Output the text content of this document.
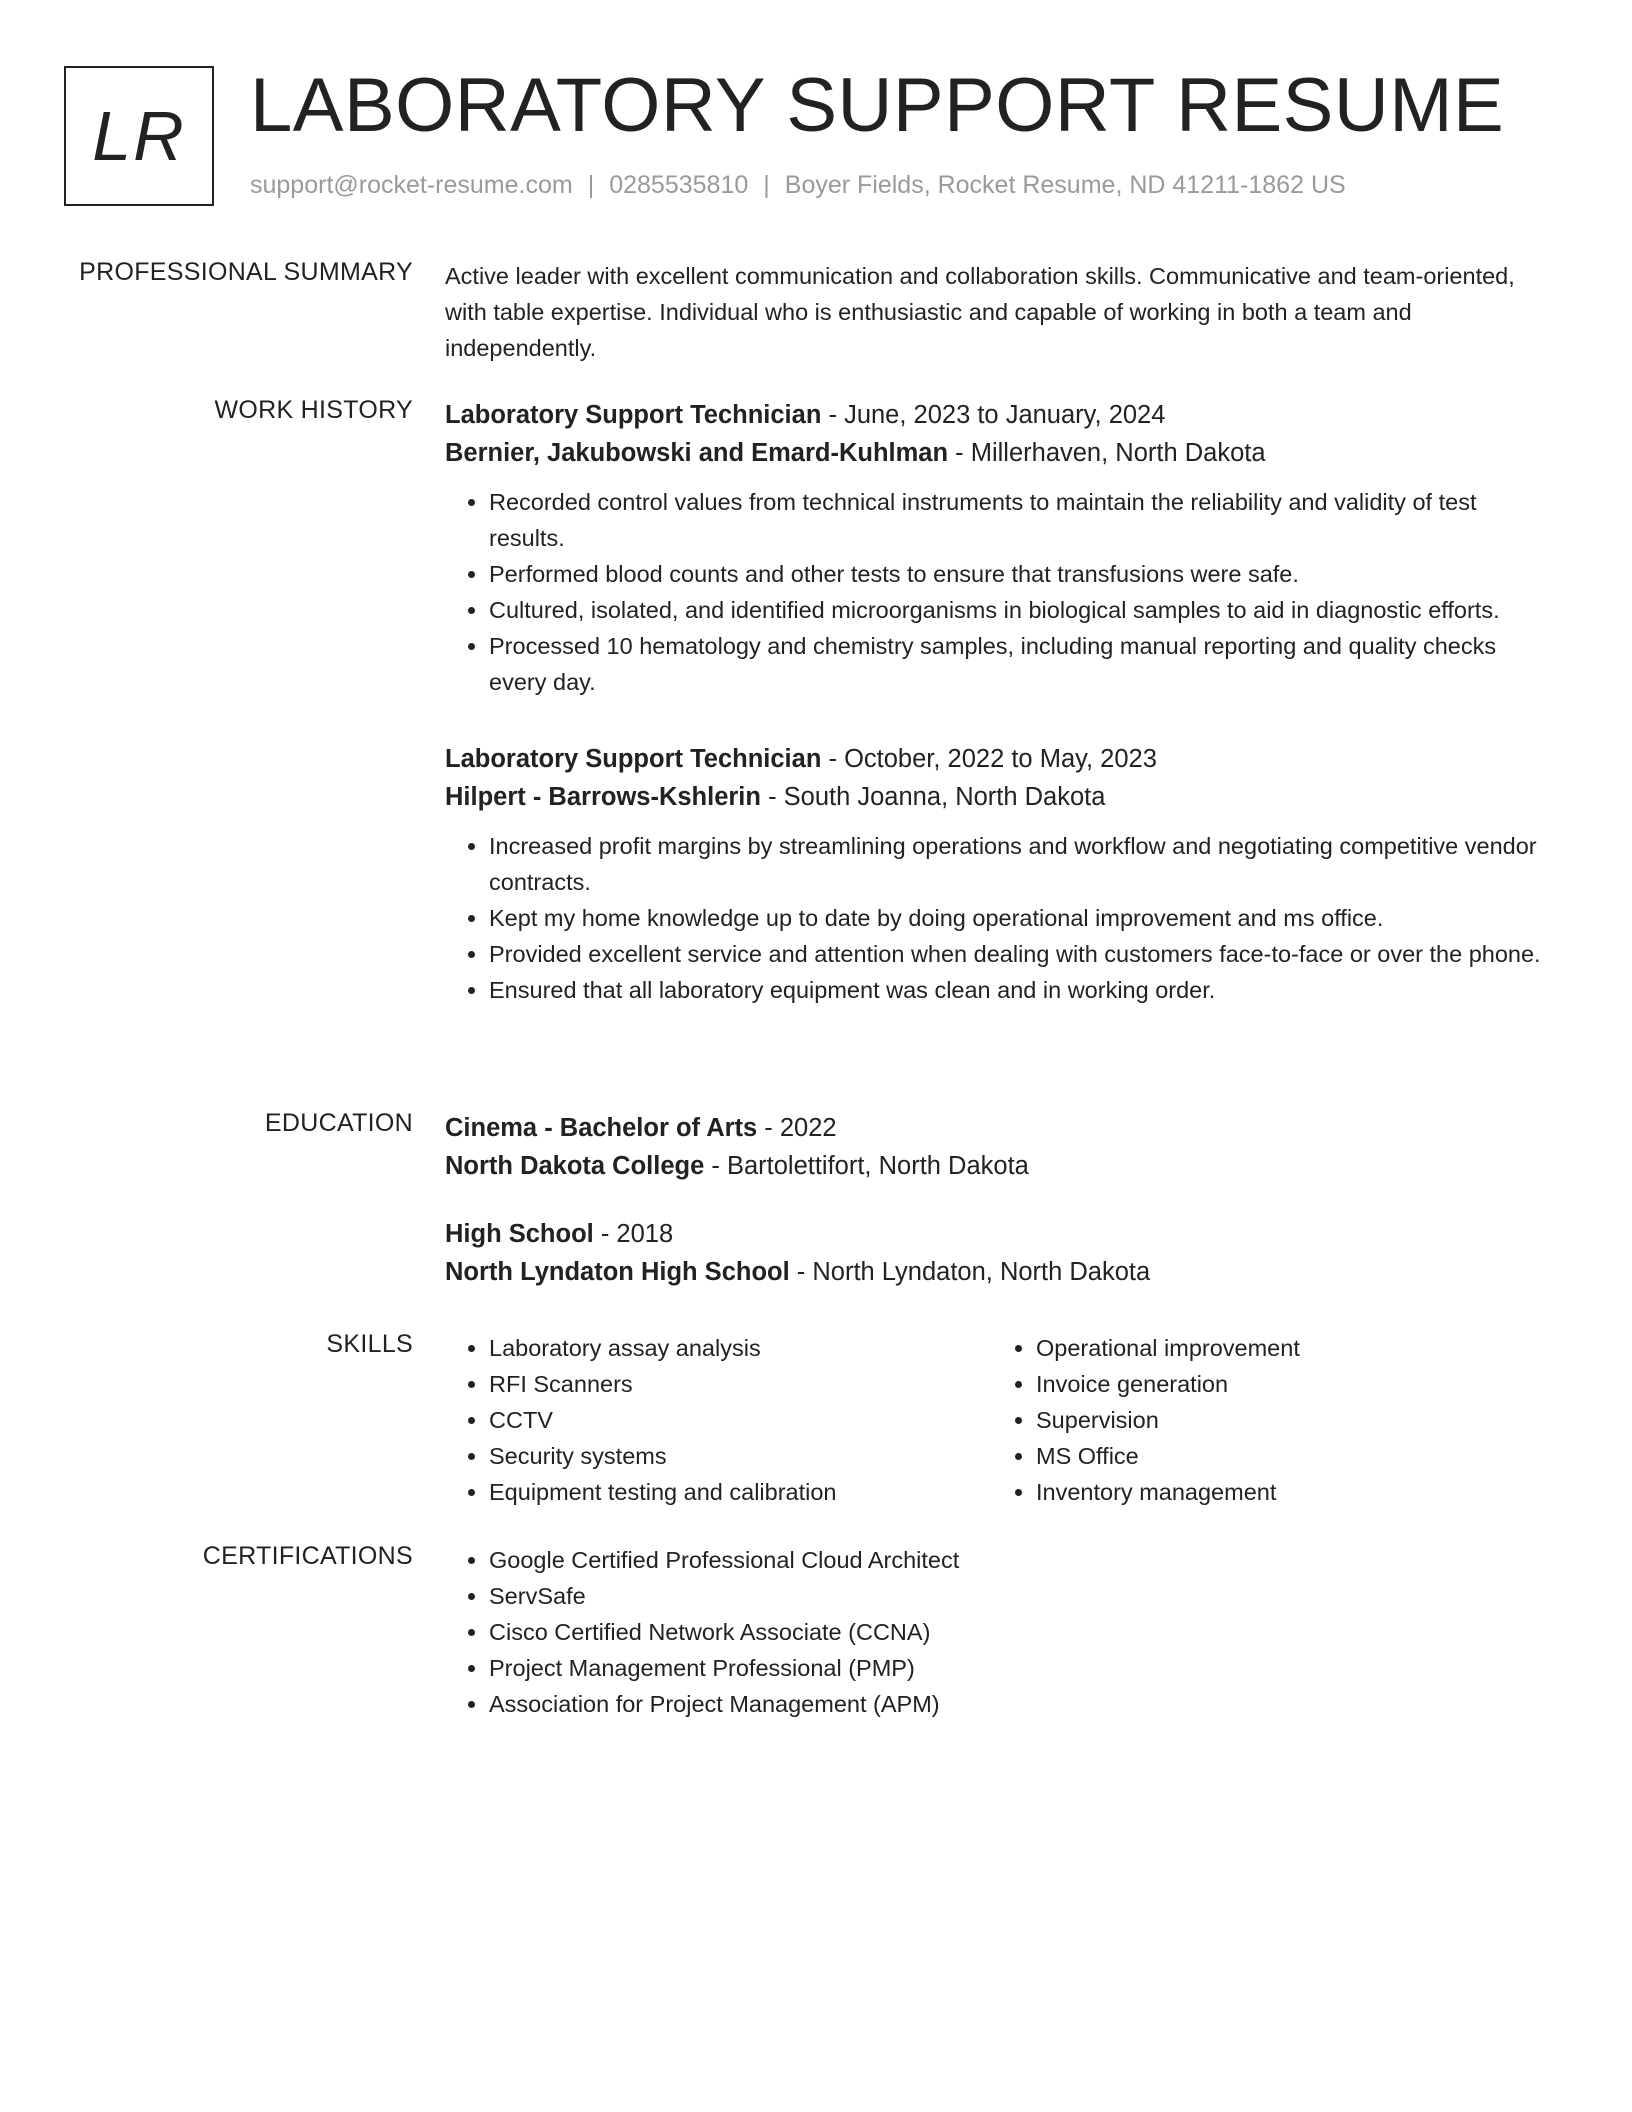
LR LABORATORY SUPPORT RESUME
support@rocket-resume.com | 0285535810 | Boyer Fields, Rocket Resume, ND 41211-1862 US
PROFESSIONAL SUMMARY Active leader with excellent communication and collaboration skills. Communicative and team-oriented, with table expertise. Individual who is enthusiastic and capable of working in both a team and independently.

WORK HISTORY Laboratory Support Technician - June, 2023 to January, 2024
Bernier, Jakubowski and Emard-Kuhlman - Millerhaven, North Dakota
• Recorded control values from technical instruments to maintain the reliability and validity of test results.
• Performed blood counts and other tests to ensure that transfusions were safe.
• Cultured, isolated, and identified microorganisms in biological samples to aid in diagnostic efforts.
• Processed 10 hematology and chemistry samples, including manual reporting and quality checks every day.
Laboratory Support Technician - October, 2022 to May, 2023
Hilpert - Barrows-Kshlerin - South Joanna, North Dakota
• Increased profit margins by streamlining operations and workflow and negotiating competitive vendor contracts.
• Kept my home knowledge up to date by doing operational improvement and ms office.
• Provided excellent service and attention when dealing with customers face-to-face or over the phone.
• Ensured that all laboratory equipment was clean and in working order.
EDUCATION Cinema - Bachelor of Arts - 2022
North Dakota College - Bartolettifort, North Dakota
High School - 2018
North Lyndaton High School - North Lyndaton, North Dakota
SKILLS	• Laboratory assay analysis
• RFI Scanners
• CCTV
• Security systems
• Equipment testing and calibration
• Operational improvement
• Invoice generation
• Supervision
• MS Office
• Inventory management
CERTIFICATIONS	• Google Certified Professional Cloud Architect
• ServSafe
• Cisco Certified Network Associate (CCNA)
• Project Management Professional (PMP)
• Association for Project Management (APM)
